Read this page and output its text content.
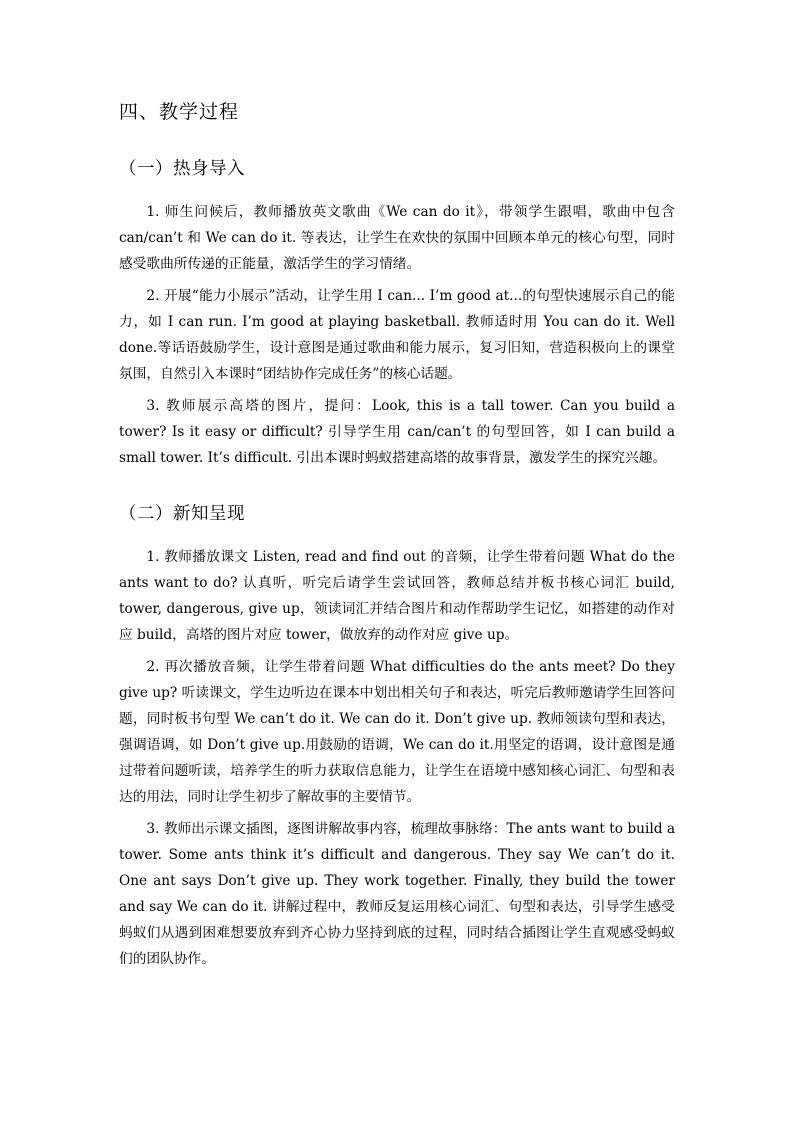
四、教学过程
（一）热身导入

1. 师生问候后，教师播放英文歌曲《We can do it》，带领学生跟唱，歌曲中包含 can/can’t 和 We can do it. 等表达，让学生在欢快的氛围中回顾本单元的核心句型，同时感受歌曲所传递的正能量，激活学生的学习情绪。

2. 开展“能力小展示”活动，让学生用 I can... I’m good at...的句型快速展示自己的能力，如 I can run. I’m good at playing basketball. 教师适时用 You can do it. Well done.等话语鼓励学生，设计意图是通过歌曲和能力展示，复习旧知，营造积极向上的课堂氛围，自然引入本课时“团结协作完成任务”的核心话题。

3. 教师展示高塔的图片，提问：Look, this is a tall tower. Can you build a tower? Is it easy or difficult? 引导学生用 can/can’t 的句型回答，如 I can build a small tower. It’s difficult. 引出本课时蚂蚁搭建高塔的故事背景，激发学生的探究兴趣。

（二）新知呈现

1. 教师播放课文 Listen, read and find out 的音频，让学生带着问题 What do the ants want to do? 认真听，听完后请学生尝试回答，教师总结并板书核心词汇 build, tower, dangerous, give up，领读词汇并结合图片和动作帮助学生记忆，如搭建的动作对应 build，高塔的图片对应 tower，做放弃的动作对应 give up。

2. 再次播放音频，让学生带着问题 What difficulties do the ants meet? Do they give up? 听读课文，学生边听边在课本中划出相关句子和表达，听完后教师邀请学生回答问题，同时板书句型 We can’t do it. We can do it. Don’t give up. 教师领读句型和表达，强调语调，如 Don’t give up.用鼓励的语调，We can do it.用坚定的语调，设计意图是通过带着问题听读，培养学生的听力获取信息能力，让学生在语境中感知核心词汇、句型和表达的用法，同时让学生初步了解故事的主要情节。

3. 教师出示课文插图，逐图讲解故事内容，梳理故事脉络：The ants want to build a tower. Some ants think it’s difficult and dangerous. They say We can’t do it. One ant says Don’t give up. They work together. Finally, they build the tower and say We can do it. 讲解过程中，教师反复运用核心词汇、句型和表达，引导学生感受蚂蚁们从遇到困难想要放弃到齐心协力坚持到底的过程，同时结合插图让学生直观感受蚂蚁们的团队协作。
